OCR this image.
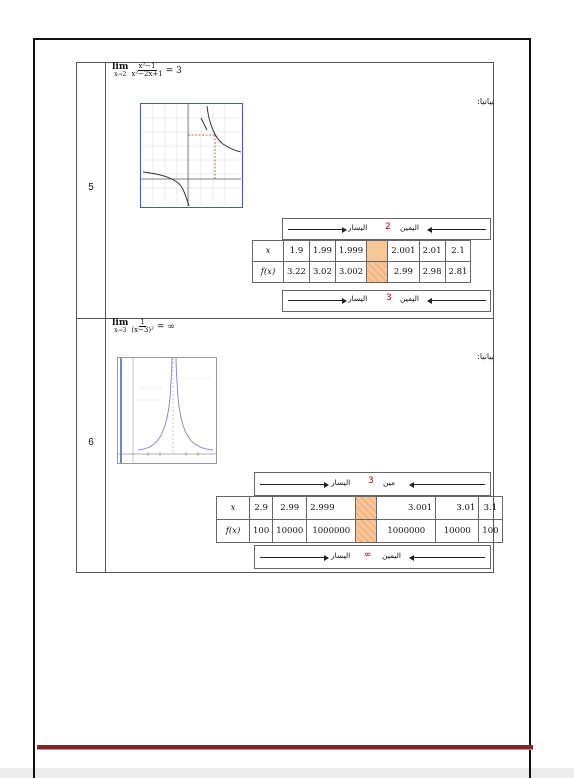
5
6
lim
$x\to 2 \frac{\text{x²−1}}{\text{x²−2x+1}} = 3$
بيانيا:
اليسار 2 اليمين
x	1.9	1.99	1.999		2.001	2.01	2.1
f(x)	3.22	3.02	3.002		2.99	2.98	2.81
اليسار 3 اليمين
lim
$x\to 3 \frac{1}{\text{(x−3)²}}$ = ∞
بيانيا:
اليسار 3 مين
x	2.9	2.99	2.999		3.001	3.01	3.1
f(x)	100	10000	1000000		1000000	10000	100
اليسار ∞ اليمين
